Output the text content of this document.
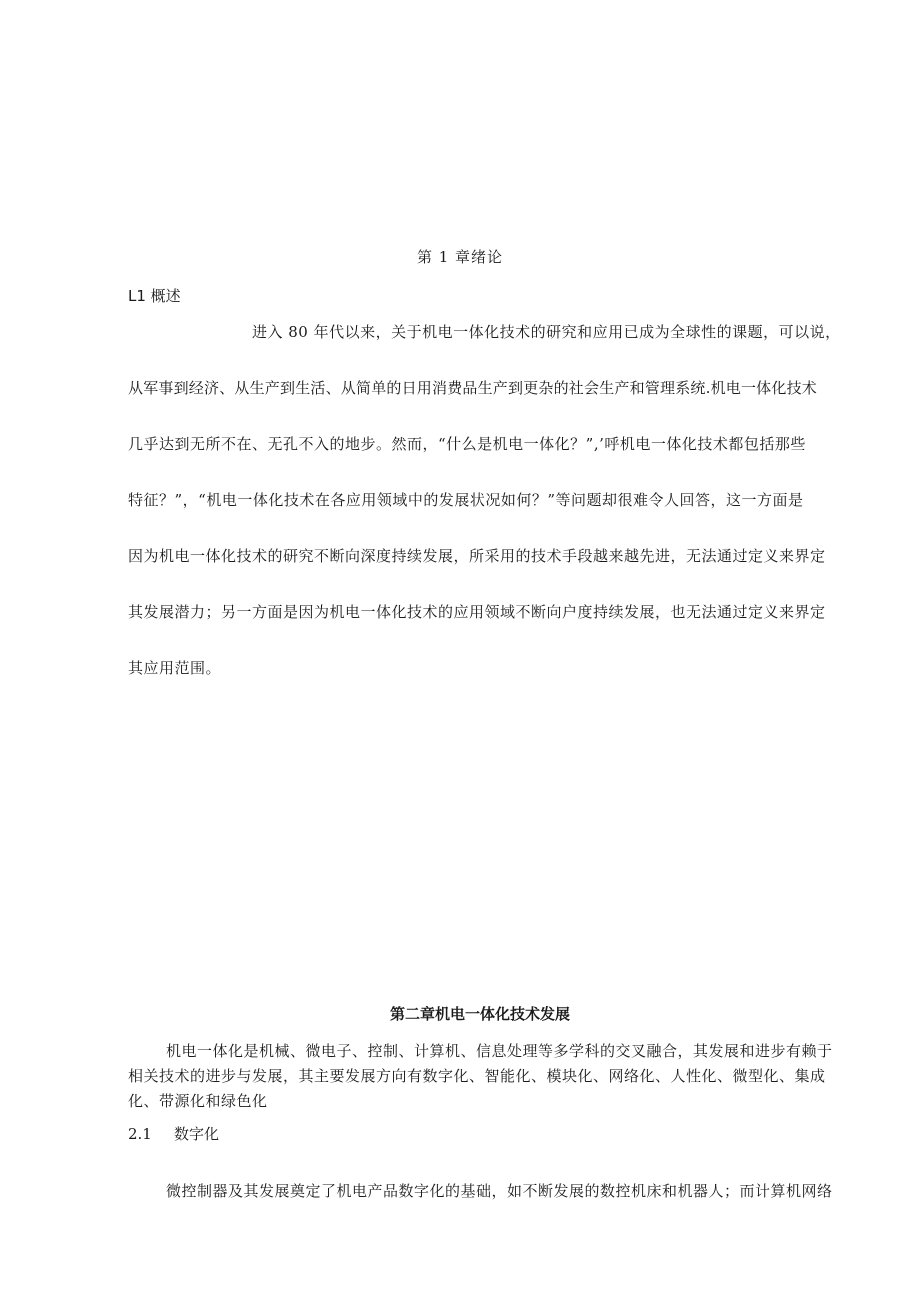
第 1 章绪论
L1 概述
进入 80 年代以来，关于机电一体化技术的研究和应用已成为全球性的课题，可以说，
从军事到经济、从生产到生活、从简单的日用消费品生产到更杂的社会生产和管理系统.机电一体化技术
几乎达到无所不在、无孔不入的地步。然而，“什么是机电一体化？”,’呼机电一体化技术都包括那些
特征？”，“机电一体化技术在各应用领域中的发展状况如何？”等问题却很难令人回答，这一方面是
因为机电一体化技术的研究不断向深度持续发展，所采用的技术手段越来越先进，无法通过定义来界定
其发展潜力；另一方面是因为机电一体化技术的应用领域不断向户度持续发展，也无法通过定义来界定
其应用范围。
第二章机电一体化技术发展
机电一体化是机械、微电子、控制、计算机、信息处理等多学科的交叉融合，其发展和进步有赖于
相关技术的进步与发展，其主要发展方向有数字化、智能化、模块化、网络化、人性化、微型化、集成
化、带源化和绿色化
2.1 数字化

微控制器及其发展奠定了机电产品数字化的基础，如不断发展的数控机床和机器人；而计算机网络
